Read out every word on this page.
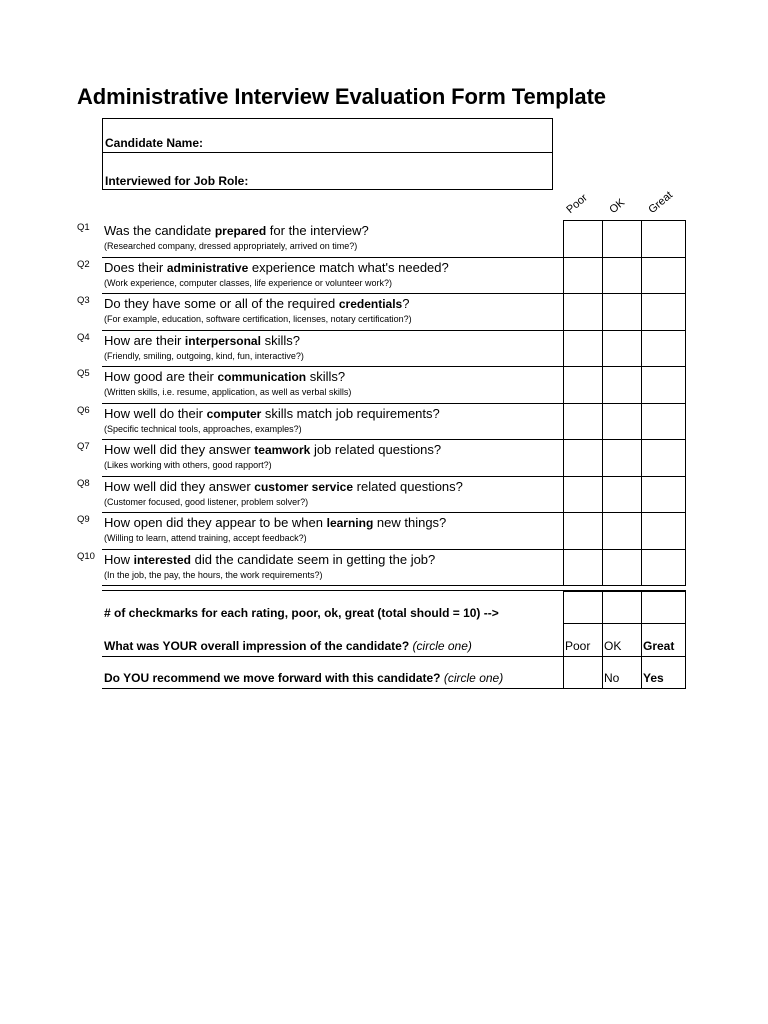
Administrative Interview Evaluation Form Template
Candidate Name:
Interviewed for Job Role:
Poor OK Great
Q1 Was the candidate prepared for the interview?
(Researched company, dressed appropriately, arrived on time?)
Q2 Does their administrative experience match what's needed?
(Work experience, computer classes, life experience or volunteer work?)
Q3 Do they have some or all of the required credentials?
(For example, education, software certification, licenses, notary certification?)
Q4 How are their interpersonal skills?
(Friendly, smiling, outgoing, kind, fun, interactive?)
Q5 How good are their communication skills?
(Written skills, i.e. resume, application, as well as verbal skills)
Q6 How well do their computer skills match job requirements?
(Specific technical tools, approaches, examples?)
Q7 How well did they answer teamwork job related questions?
(Likes working with others, good rapport?)
Q8 How well did they answer customer service related questions?
(Customer focused, good listener, problem solver?)
Q9 How open did they appear to be when learning new things?
(Willing to learn, attend training, accept feedback?)
Q10 How interested did the candidate seem in getting the job?
(In the job, the pay, the hours, the work requirements?)
# of checkmarks for each rating, poor, ok, great (total should = 10) -->
What was YOUR overall impression of the candidate? (circle one)	Poor OK Great
Do YOU recommend we move forward with this candidate? (circle one)	No Yes
